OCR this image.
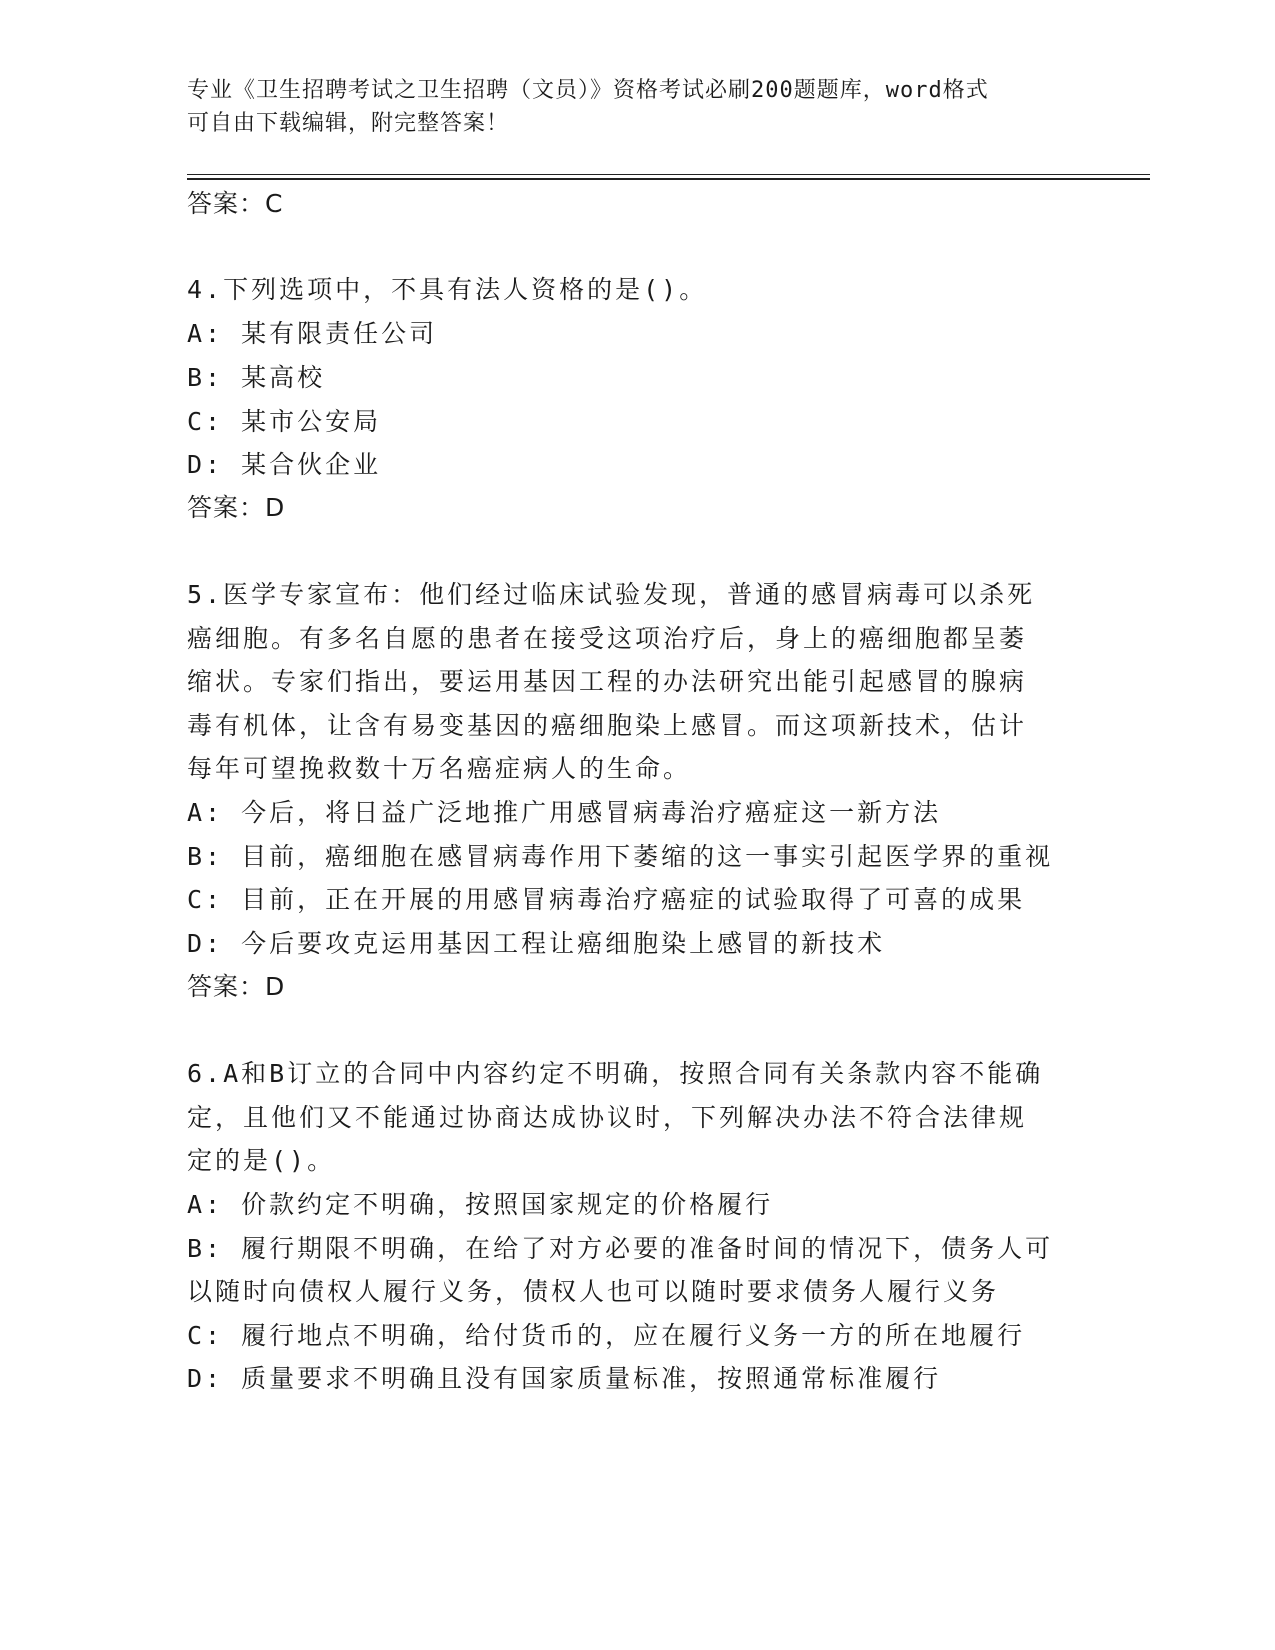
专业《卫生招聘考试之卫生招聘（文员）》资格考试必刷200题题库，word格式
可自由下载编辑，附完整答案！
答案：C
4.下列选项中，不具有法人资格的是()。
A: 某有限责任公司
B: 某高校
C: 某市公安局
D: 某合伙企业
答案：D
5.医学专家宣布：他们经过临床试验发现，普通的感冒病毒可以杀死
癌细胞。有多名自愿的患者在接受这项治疗后，身上的癌细胞都呈萎
缩状。专家们指出，要运用基因工程的办法研究出能引起感冒的腺病
毒有机体，让含有易变基因的癌细胞染上感冒。而这项新技术，估计
每年可望挽救数十万名癌症病人的生命。
A: 今后，将日益广泛地推广用感冒病毒治疗癌症这一新方法
B: 目前，癌细胞在感冒病毒作用下萎缩的这一事实引起医学界的重视
C: 目前，正在开展的用感冒病毒治疗癌症的试验取得了可喜的成果
D: 今后要攻克运用基因工程让癌细胞染上感冒的新技术
答案：D
6.A和B订立的合同中内容约定不明确，按照合同有关条款内容不能确
定，且他们又不能通过协商达成协议时，下列解决办法不符合法律规
定的是()。
A: 价款约定不明确，按照国家规定的价格履行
B: 履行期限不明确，在给了对方必要的准备时间的情况下，债务人可
以随时向债权人履行义务，债权人也可以随时要求债务人履行义务
C: 履行地点不明确，给付货币的，应在履行义务一方的所在地履行
D: 质量要求不明确且没有国家质量标准，按照通常标准履行
